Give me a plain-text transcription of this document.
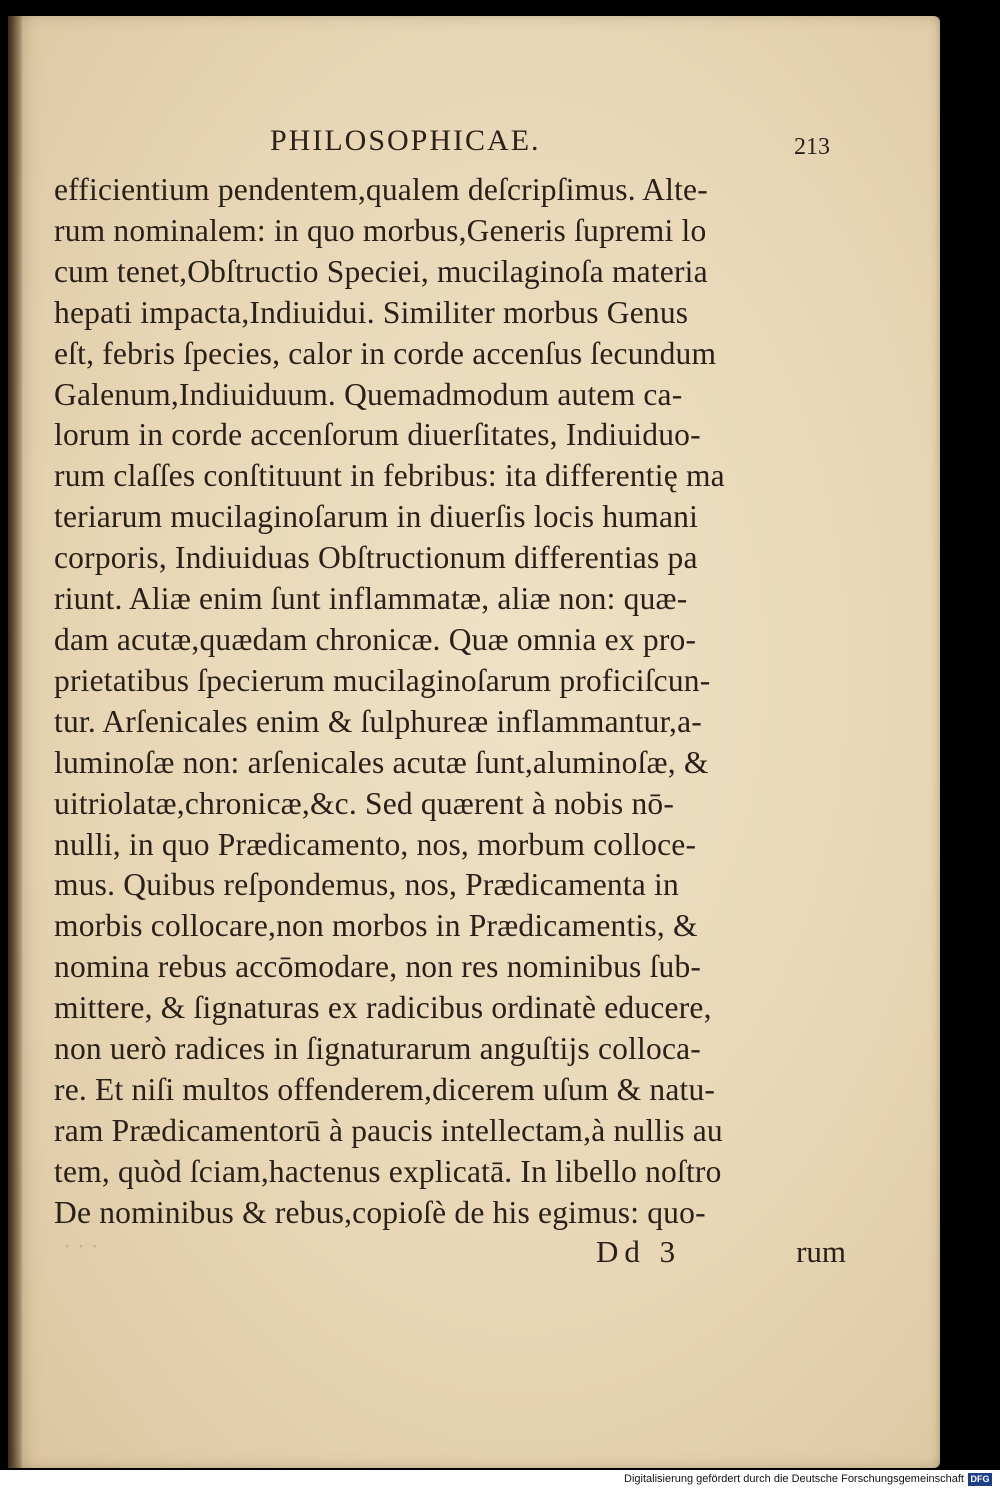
PHILOSOPHICAE.	213
efficientium pendentem,qualem deſcripſimus. Alte-
rum nominalem: in quo morbus,Generis ſupremi lo
cum tenet,Obſtructio Speciei, mucilaginoſa materia
hepati impacta,Indiuidui. Similiter morbus Genus
eſt, febris ſpecies, calor in corde accenſus ſecundum
Galenum,Indiuiduum. Quemadmodum autem ca-
lorum in corde accenſorum diuerſitates, Indiuiduo-
rum claſſes conſtituunt in febribus: ita differentię ma
teriarum mucilaginoſarum in diuerſis locis humani
corporis, Indiuiduas Obſtructionum differentias pa
riunt. Aliæ enim ſunt inflammatæ, aliæ non: quæ-
dam acutæ,quædam chronicæ. Quæ omnia ex pro-
prietatibus ſpecierum mucilaginoſarum proficiſcun-
tur. Arſenicales enim & ſulphureæ inflammantur,a-
luminoſæ non: arſenicales acutæ ſunt,aluminoſæ, &
uitriolatæ,chronicæ,&c. Sed quærent à nobis nō-
nulli, in quo Prædicamento, nos, morbum colloce-
mus. Quibus reſpondemus, nos, Prædicamenta in
morbis collocare,non morbos in Prædicamentis, &
nomina rebus accōmodare, non res nominibus ſub-
mittere, & ſignaturas ex radicibus ordinatè educere,
non uerò radices in ſignaturarum anguſtijs colloca-
re. Et niſi multos offenderem,dicerem uſum & natu-
ram Prædicamentorū à paucis intellectam,à nullis au
tem, quòd ſciam,hactenus explicatā. In libello noſtro
De nominibus & rebus,copioſè de his egimus: quo-
· · ·	Dd 3	rum
Digitalisierung gefördert durch die Deutsche Forschungsgemeinschaft DFG
